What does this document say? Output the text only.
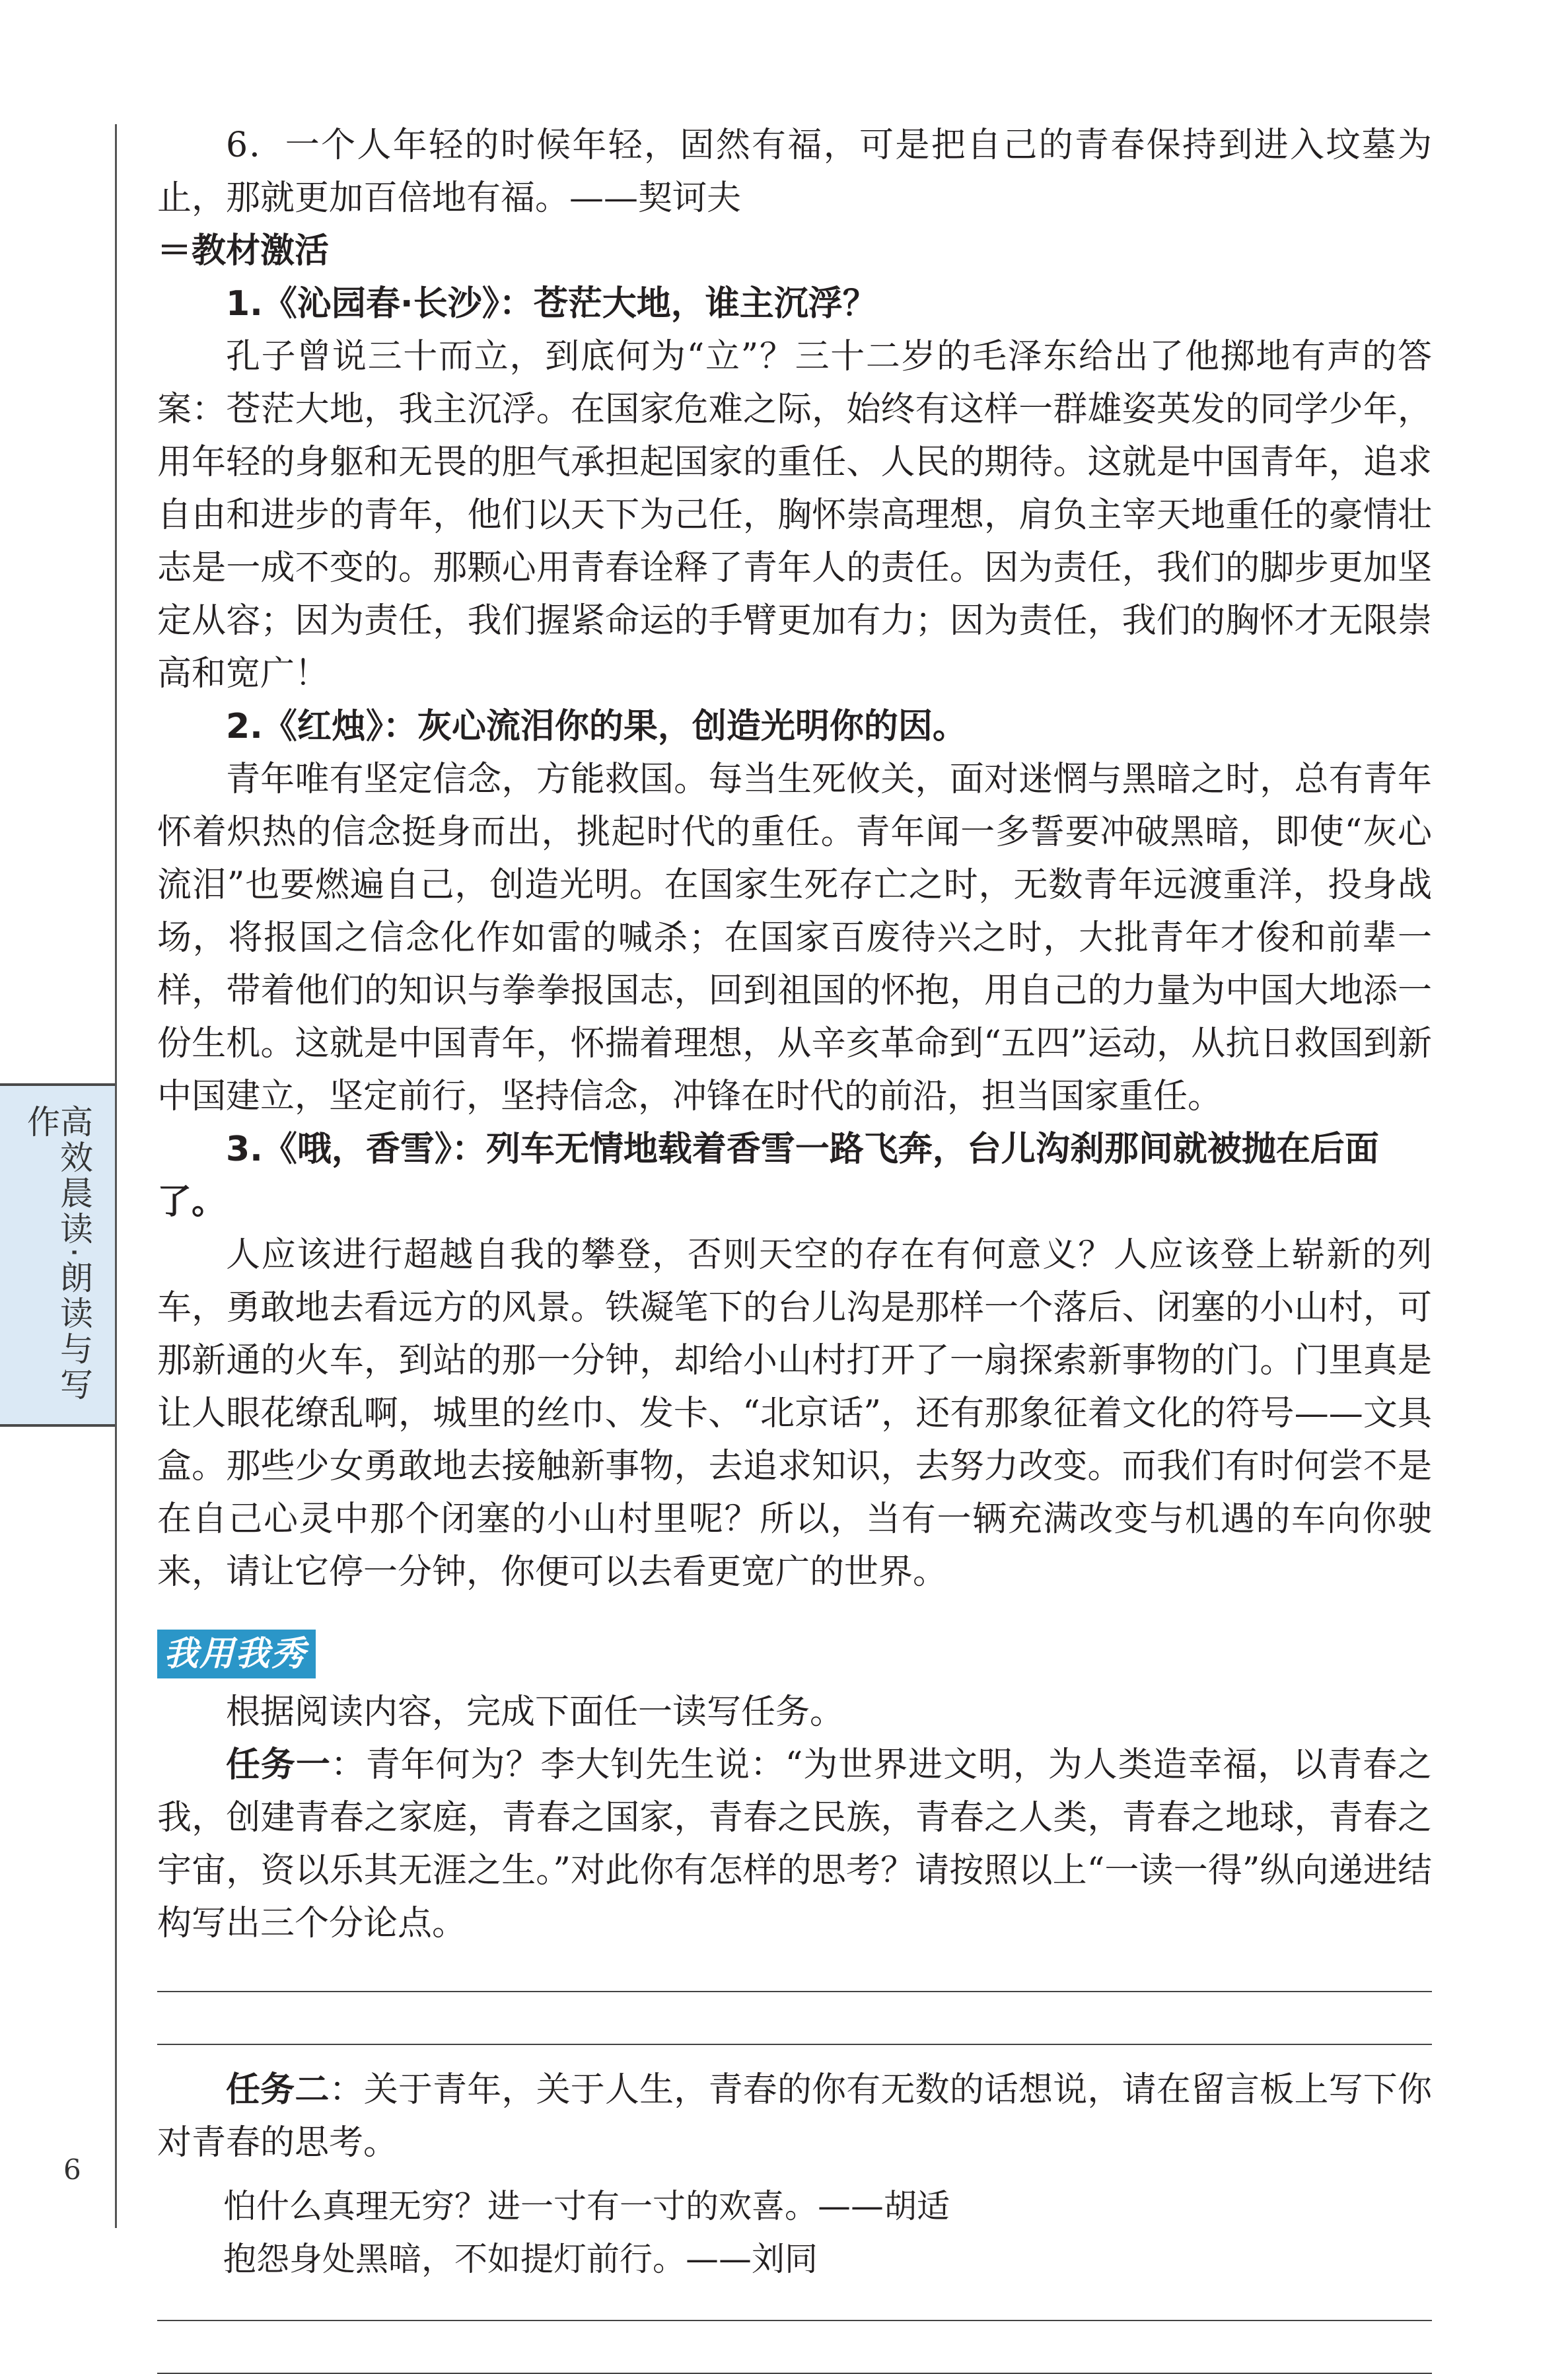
高效晨读·朗读与写作
6

6．一个人年轻的时候年轻，固然有福，可是把自己的青春保持到进入坟墓为止，那就更加百倍地有福。——契诃夫

＝教材激活

1.《沁园春·长沙》：苍茫大地，谁主沉浮？

孔子曾说三十而立，到底何为“立”？三十二岁的毛泽东给出了他掷地有声的答案：苍茫大地，我主沉浮。在国家危难之际，始终有这样一群雄姿英发的同学少年，用年轻的身躯和无畏的胆气承担起国家的重任、人民的期待。这就是中国青年，追求自由和进步的青年，他们以天下为己任，胸怀崇高理想，肩负主宰天地重任的豪情壮志是一成不变的。那颗心用青春诠释了青年人的责任。因为责任，我们的脚步更加坚定从容；因为责任，我们握紧命运的手臂更加有力；因为责任，我们的胸怀才无限崇高和宽广！

2.《红烛》：灰心流泪你的果，创造光明你的因。

青年唯有坚定信念，方能救国。每当生死攸关，面对迷惘与黑暗之时，总有青年怀着炽热的信念挺身而出，挑起时代的重任。青年闻一多誓要冲破黑暗，即使“灰心流泪”也要燃遍自己，创造光明。在国家生死存亡之时，无数青年远渡重洋，投身战场，将报国之信念化作如雷的喊杀；在国家百废待兴之时，大批青年才俊和前辈一样，带着他们的知识与拳拳报国志，回到祖国的怀抱，用自己的力量为中国大地添一份生机。这就是中国青年，怀揣着理想，从辛亥革命到“五四”运动，从抗日救国到新中国建立，坚定前行，坚持信念，冲锋在时代的前沿，担当国家重任。

3.《哦，香雪》：列车无情地载着香雪一路飞奔，台儿沟刹那间就被抛在后面了。

人应该进行超越自我的攀登，否则天空的存在有何意义？人应该登上崭新的列车，勇敢地去看远方的风景。铁凝笔下的台儿沟是那样一个落后、闭塞的小山村，可那新通的火车，到站的那一分钟，却给小山村打开了一扇探索新事物的门。门里真是让人眼花缭乱啊，城里的丝巾、发卡、“北京话”，还有那象征着文化的符号——文具盒。那些少女勇敢地去接触新事物，去追求知识，去努力改变。而我们有时何尝不是在自己心灵中那个闭塞的小山村里呢？所以，当有一辆充满改变与机遇的车向你驶来，请让它停一分钟，你便可以去看更宽广的世界。

我用我秀

根据阅读内容，完成下面任一读写任务。

任务一：青年何为？李大钊先生说：“为世界进文明，为人类造幸福，以青春之我，创建青春之家庭，青春之国家，青春之民族，青春之人类，青春之地球，青春之宇宙，资以乐其无涯之生。”对此你有怎样的思考？请按照以上“一读一得”纵向递进结构写出三个分论点。

任务二：关于青年，关于人生，青春的你有无数的话想说，请在留言板上写下你对青春的思考。

怕什么真理无穷？进一寸有一寸的欢喜。——胡适

抱怨身处黑暗，不如提灯前行。——刘同
